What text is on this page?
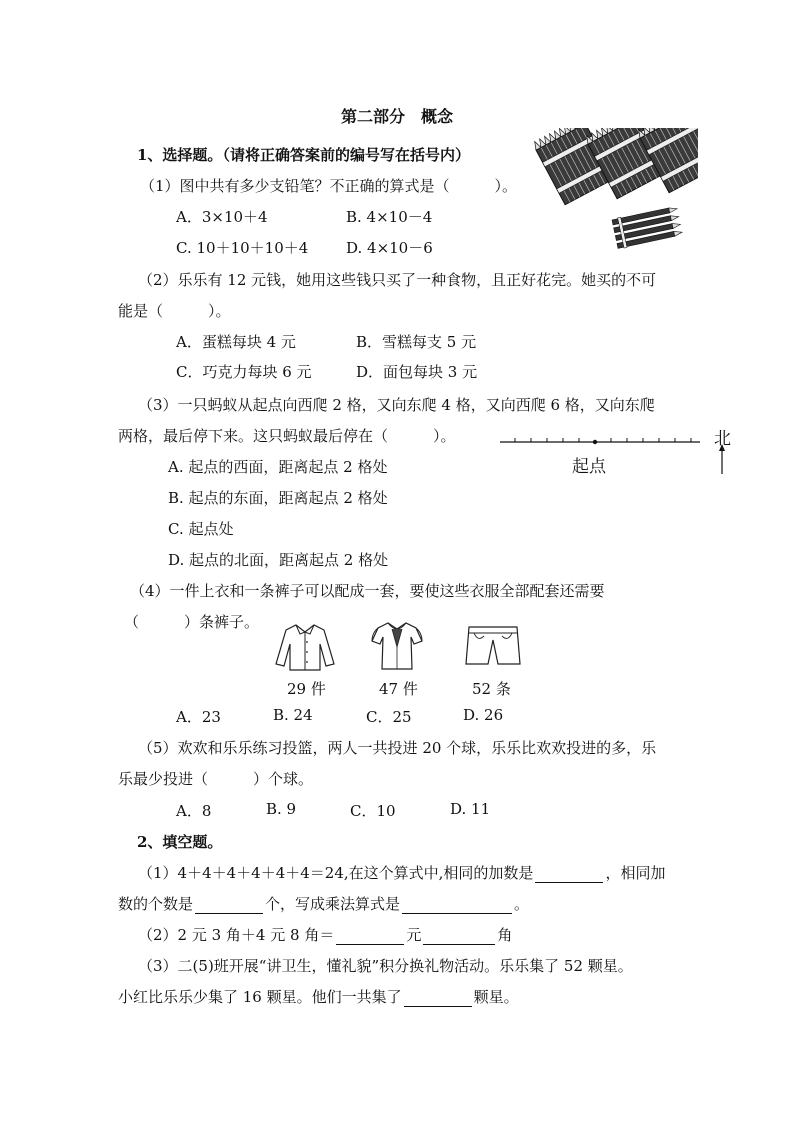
第二部分　概念
1、选择题。（请将正确答案前的编号写在括号内）
（1）图中共有多少支铅笔？不正确的算式是（　　　）。
A．3×10＋4	B. 4×10－4
C. 10＋10＋10＋4	D. 4×10－6
（2）乐乐有 12 元钱，她用这些钱只买了一种食物，且正好花完。她买的不可
能是（　　　）。
A．蛋糕每块 4 元	B．雪糕每支 5 元
C．巧克力每块 6 元	D．面包每块 3 元
（3）一只蚂蚁从起点向西爬 2 格，又向东爬 4 格，又向西爬 6 格，又向东爬
两格，最后停下来。这只蚂蚁最后停在（　　　）。
起点
北
A. 起点的西面，距离起点 2 格处
B. 起点的东面，距离起点 2 格处
C. 起点处
D. 起点的北面，距离起点 2 格处
（4）一件上衣和一条裤子可以配成一套，要使这些衣服全部配套还需要
（　　　）条裤子。
29 件	47 件	52 条
A．23	B. 24	C．25	D. 26
（5）欢欢和乐乐练习投篮，两人一共投进 20 个球，乐乐比欢欢投进的多，乐
乐最少投进（　　　）个球。
A．8	B. 9	C．10	D. 11
2、填空题。
（1）4＋4＋4＋4＋4＋4＝24,在这个算式中,相同的加数是	，相同加
数的个数是	个，写成乘法算式是	。
（2）2 元 3 角＋4 元 8 角＝	元	角
（3）二(5)班开展“讲卫生，懂礼貌”积分换礼物活动。乐乐集了 52 颗星。
小红比乐乐少集了 16 颗星。他们一共集了	颗星。
